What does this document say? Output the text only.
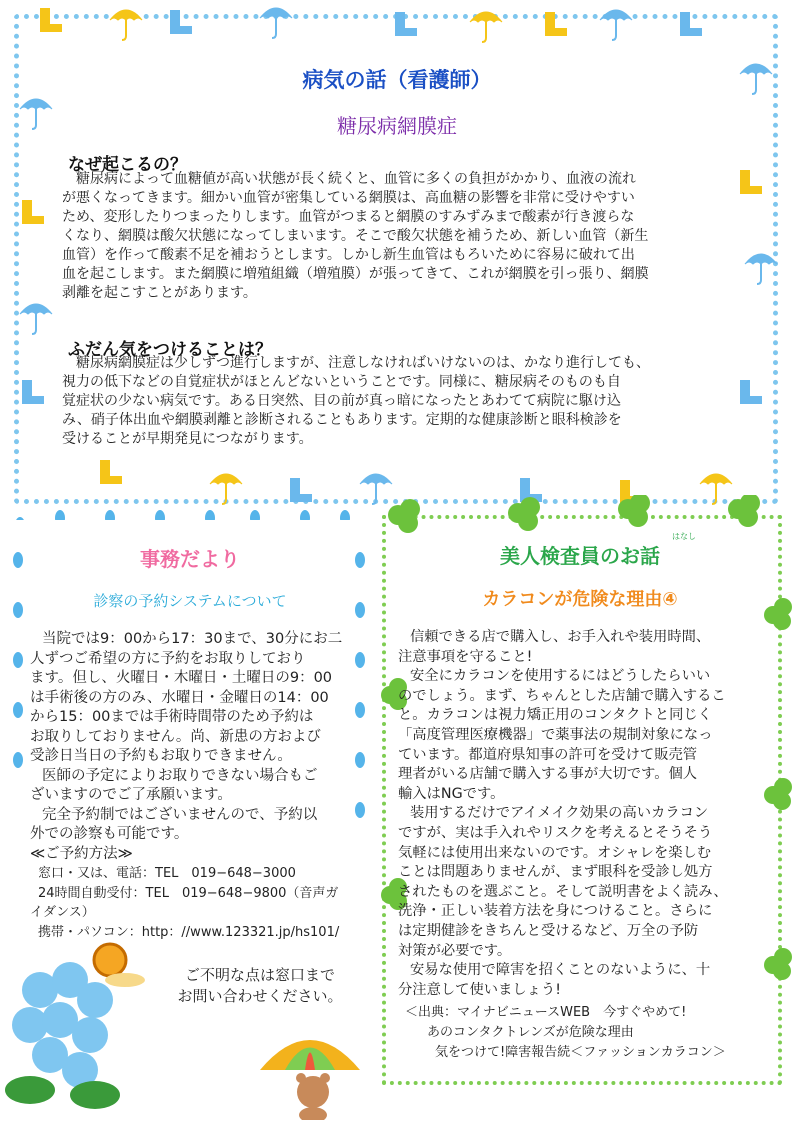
病気の話（看護師）
糖尿病網膜症
なぜ起こるの？

糖尿病によって血糖値が高い状態が長く続くと、血管に多くの負担がかかり、血液の流れ

が悪くなってきます。細かい血管が密集している網膜は、高血糖の影響を非常に受けやすい

ため、変形したりつまったりします。血管がつまると網膜のすみずみまで酸素が行き渡らな

くなり、網膜は酸欠状態になってしまいます。そこで酸欠状態を補うため、新しい血管（新生

血管）を作って酸素不足を補おうとします。しかし新生血管はもろいために容易に破れて出

血を起こします。また網膜に増殖組織（増殖膜）が張ってきて、これが網膜を引っ張り、網膜

剥離を起こすことがあります。

ふだん気をつけることは？

糖尿病網膜症は少しずつ進行しますが、注意しなければいけないのは、かなり進行しても、

視力の低下などの自覚症状がほとんどないということです。同様に、糖尿病そのものも自

覚症状の少ない病気です。ある日突然、目の前が真っ暗になったとあわてて病院に駆け込

み、硝子体出血や網膜剥離と診断されることもあります。定期的な健康診断と眼科検診を

受けることが早期発見につながります。

事務だより
診察の予約システムについて

当院では9：00から17：30まで、30分にお二

人ずつご希望の方に予約をお取りしており

ます。但し、火曜日・木曜日・土曜日の9：00

は手術後の方のみ、水曜日・金曜日の14：00

から15：00までは手術時間帯のため予約は

お取りしておりません。尚、新患の方および

受診日当日の予約もお取りできません。

医師の予定によりお取りできない場合もご

ざいますのでご了承願います。

完全予約制ではございませんので、予約以

外での診察も可能です。

≪ご予約方法≫

窓口・又は、電話：TEL　019−648−3000

24時間自動受付：TEL　019−648−9800（音声ガ

イダンス）

携帯・パソコン：http：//www.123321.jp/hs101/

ご不明な点は窓口まで

お問い合わせください。

はなし
美人検査員のお話
カラコンが危険な理由④

信頼できる店で購入し、お手入れや装用時間、

注意事項を守ること!

安全にカラコンを使用するにはどうしたらいい

のでしょう。まず、ちゃんとした店舗で購入するこ

と。カラコンは視力矯正用のコンタクトと同じく

「高度管理医療機器」で薬事法の規制対象になっ

ています。都道府県知事の許可を受けて販売管

理者がいる店舗で購入する事が大切です。個人

輸入はNGです。

装用するだけでアイメイク効果の高いカラコン

ですが、実は手入れやリスクを考えるとそうそう

気軽には使用出来ないのです。オシャレを楽しむ

ことは問題ありませんが、まず眼科を受診し処方

されたものを選ぶこと。そして説明書をよく読み、

洗浄・正しい装着方法を身につけること。さらに

は定期健診をきちんと受けるなど、万全の予防

対策が必要です。

安易な使用で障害を招くことのないように、十

分注意して使いましょう!

＜出典：マイナビニュースWEB　今すぐやめて!

あのコンタクトレンズが危険な理由

気をつけて!障害報告続＜ファッションカラコン＞
